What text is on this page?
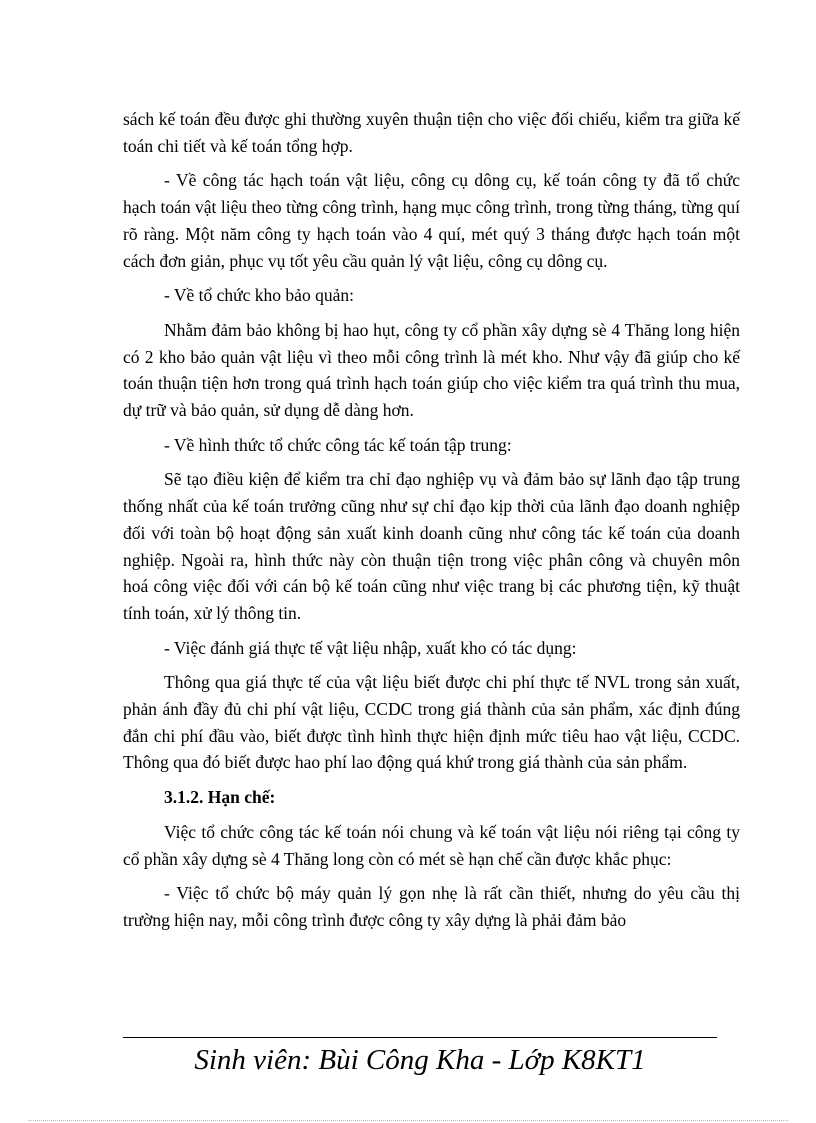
sách kế toán đều được ghi thường xuyên thuận tiện cho việc đối chiếu, kiểm tra giữa kế toán chi tiết và kế toán tổng hợp.

- Về công tác hạch toán vật liệu, công cụ dông cụ, kế toán công ty đã tổ chức hạch toán vật liệu theo từng công trình, hạng mục công trình, trong từng tháng, từng quí rõ ràng. Một năm công ty hạch toán vào 4 quí, mét quý 3 tháng được hạch toán một cách đơn giản, phục vụ tốt yêu cầu quản lý vật liệu, công cụ dông cụ.

- Về tổ chức kho bảo quản:

Nhằm đảm bảo không bị hao hụt, công ty cổ phần xây dựng sè 4 Thăng long hiện có 2 kho bảo quản vật liệu vì theo mỗi công trình là mét kho. Như vậy đã giúp cho kế toán thuận tiện hơn trong quá trình hạch toán giúp cho việc kiểm tra quá trình thu mua, dự trữ và bảo quản, sử dụng dễ dàng hơn.

- Về hình thức tổ chức công tác kế toán tập trung:

Sẽ tạo điều kiện để kiểm tra chỉ đạo nghiệp vụ và đảm bảo sự lãnh đạo tập trung thống nhất của kế toán trưởng cũng như sự chỉ đạo kịp thời của lãnh đạo doanh nghiệp đối với toàn bộ hoạt động sản xuất kinh doanh cũng như công tác kế toán của doanh nghiệp. Ngoài ra, hình thức này còn thuận tiện trong việc phân công và chuyên môn hoá công việc đối với cán bộ kế toán cũng như việc trang bị các phương tiện, kỹ thuật tính toán, xử lý thông tin.

- Việc đánh giá thực tế vật liệu nhập, xuất kho có tác dụng:

Thông qua giá thực tế của vật liệu biết được chi phí thực tế NVL trong sản xuất, phản ánh đầy đủ chi phí vật liệu, CCDC trong giá thành của sản phẩm, xác định đúng đắn chi phí đầu vào, biết được tình hình thực hiện định mức tiêu hao vật liệu, CCDC. Thông qua đó biết được hao phí lao động quá khứ trong giá thành của sản phẩm.

3.1.2. Hạn chế:

Việc tổ chức công tác kế toán nói chung và kế toán vật liệu nói riêng tại công ty cổ phần xây dựng sè 4 Thăng long còn có mét sè hạn chế cần được khắc phục:

- Việc tổ chức bộ máy quản lý gọn nhẹ là rất cần thiết, nhưng do yêu cầu thị trường hiện nay, mỗi công trình được công ty xây dựng là phải đảm bảo

Sinh viên: Bùi Công Kha - Lớp K8KT1
